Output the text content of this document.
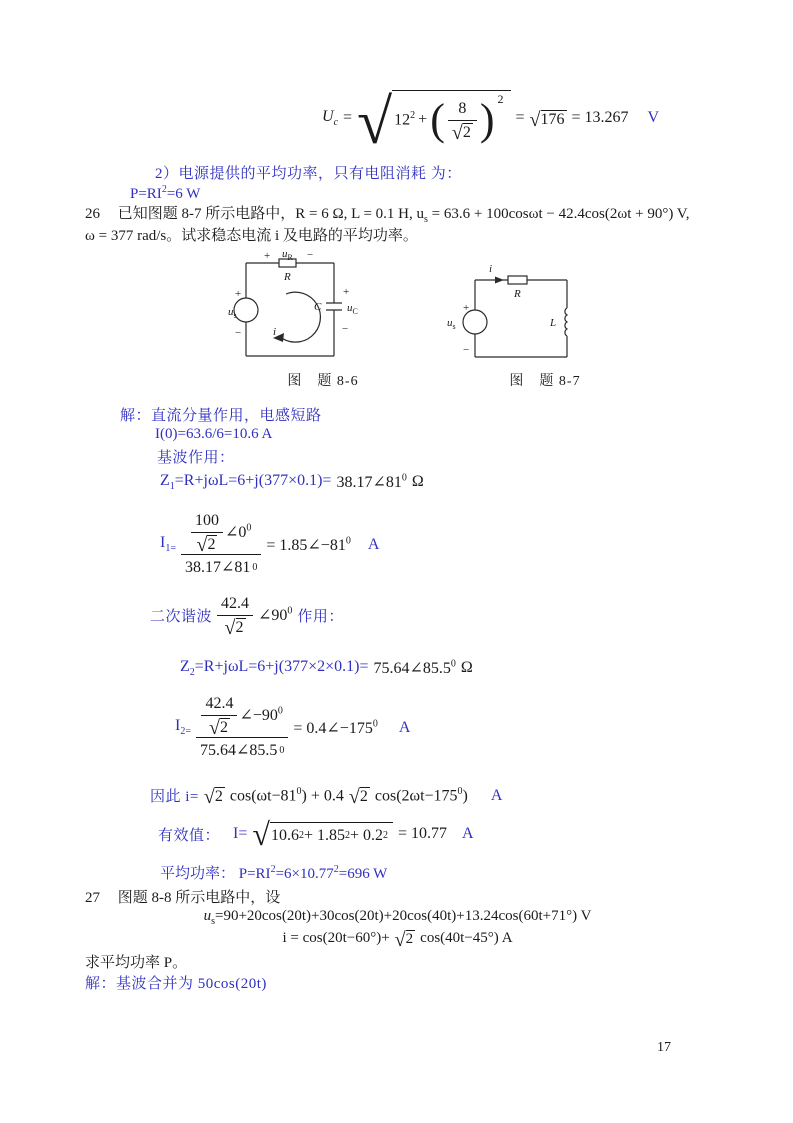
$U_c$ = √ $12^2$ + ( $\frac{8}{√ 2}$ ) $^2$
= √ 176 = 13.267 V
2）电源提供的平均功率，只有电阻消耗 为：
$P=RI^2=6$ W
26 已知图题 8-7 所示电路中，R = 6 Ω, L = 0.1 H, $u_s = 63.6 + 100\cos\omega t - 42.4\cos(2\omega t + 90^\circ)$ V,
ω = 377 rad/s。试求稳态电流 i 及电路的平均功率。
+ $u_R$ −
R
+
$u_s$
−
C $u_C$
+
−
i
图　题 8-6
i
R
+
$u_s$
−
L
图　题 8-7
解：直流分量作用，电感短路
I(0)=63.6/6=10.6 A
基波作用：
$Z_1=R+j\omega L=6+j(377\times 0.1)=$ $38.17\angle 81^0$ Ω
$I_{1=} \frac{\frac{100}{√ 2} \angle 0^0}{38.17\angle 81 0}$ = $1.85\angle-81^0$ A
二次谐波 $\frac{42.4}{√ 2}$ $\angle 90^0$ 作用：
$Z_2=R+j\omega L=6+j(377\times 2\times 0.1)=$ $75.64\angle 85.5^0$ Ω
$I_{2=} \frac{\frac{42.4}{√ 2} \angle-90^0}{75.64\angle 85.5 0}$ = $0.4\angle-175^0$ A
因此 i= √ 2 $\cos(\omega t-81^0) + 0.4$ √ 2 $\cos(2\omega t-175^0)$ A
有效值： I= √ 10.6 2 + 1.85 2 + 0.2 2 = 10.77 A
平均功率： $P=RI^2=6\times 10.77^2=696$ W
27 图题 8-8 所示电路中，设
$u_s=90+20\cos(20t)+30\cos(20t)+20\cos(40t)+13.24\cos(60t+71^\circ)$ V
i = cos(20t−60°)+ √ 2 cos(40t−45°) A
求平均功率 P。
解：基波合并为 50cos(20t)
17
